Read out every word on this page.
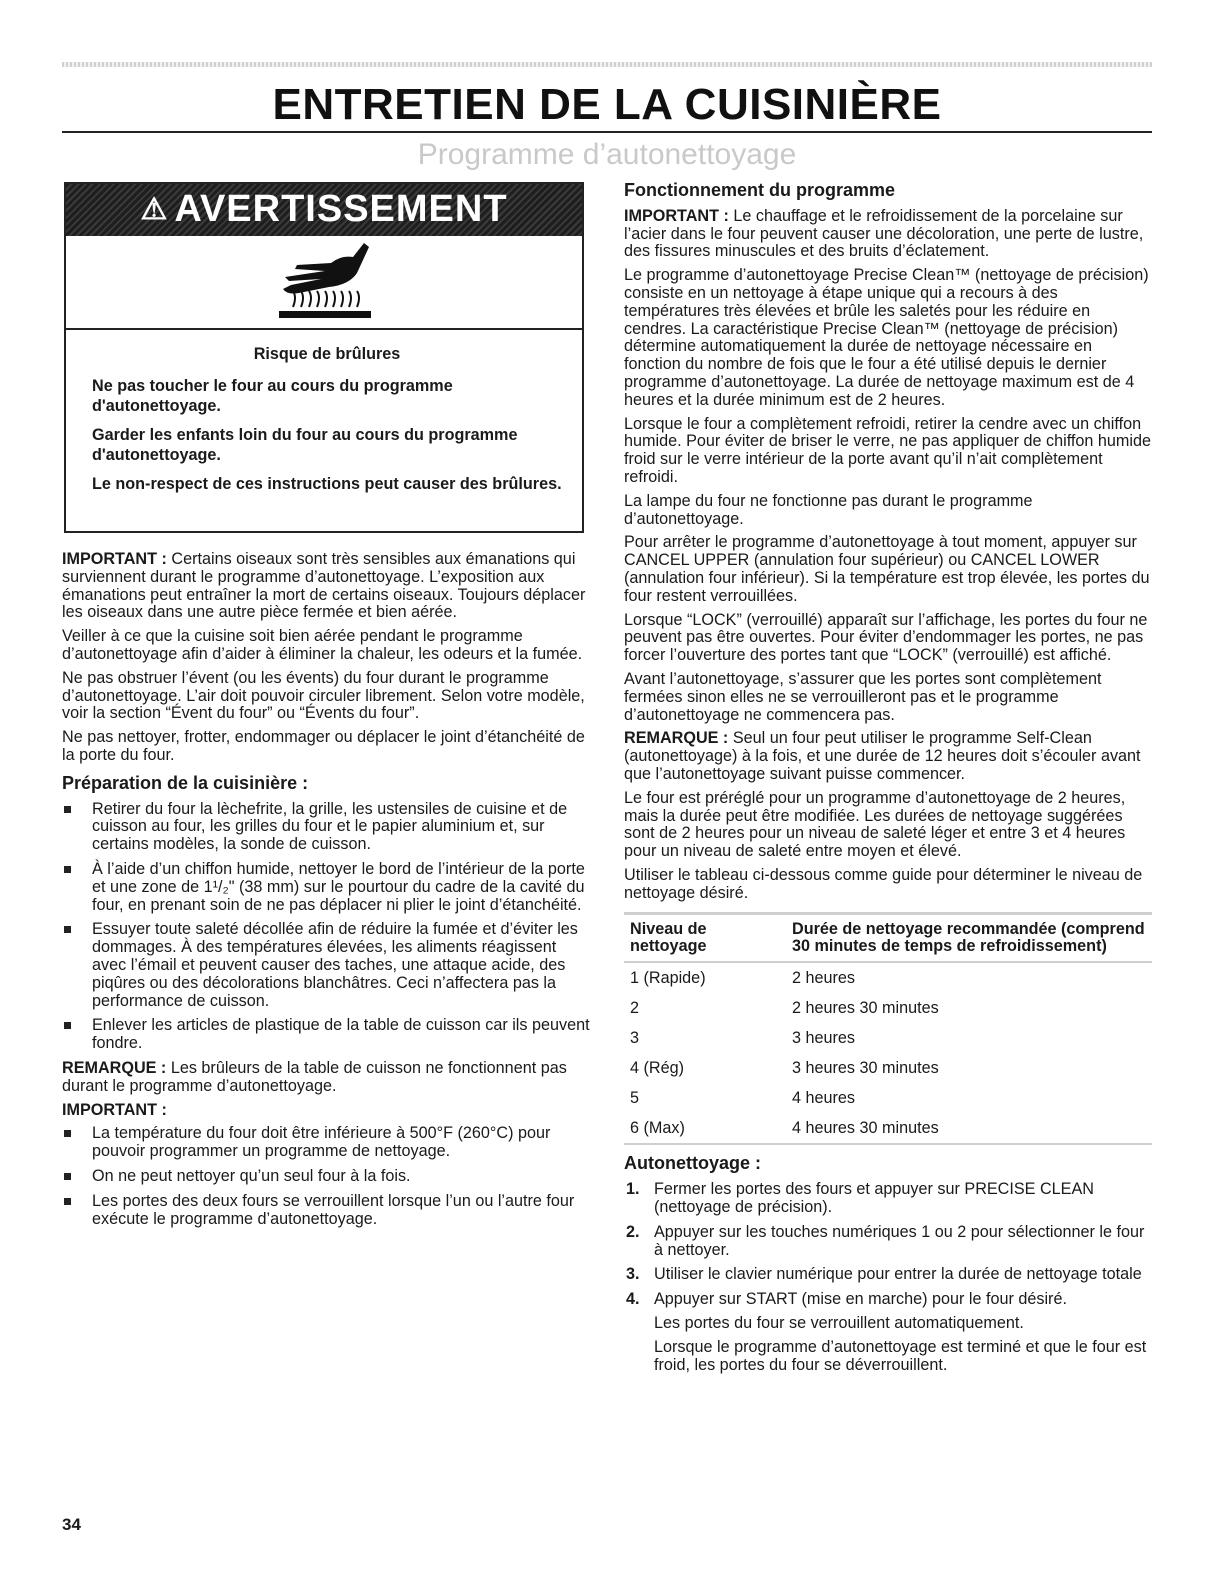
ENTRETIEN DE LA CUISINIÈRE
Programme d’autonettoyage
⚠ AVERTISSEMENT
Risque de brûlures

Ne pas toucher le four au cours du programme d'autonettoyage.

Garder les enfants loin du four au cours du programme d'autonettoyage.

Le non-respect de ces instructions peut causer des brûlures.

IMPORTANT : Certains oiseaux sont très sensibles aux émanations qui surviennent durant le programme d’autonettoyage. L’exposition aux émanations peut entraîner la mort de certains oiseaux. Toujours déplacer les oiseaux dans une autre pièce fermée et bien aérée.

Veiller à ce que la cuisine soit bien aérée pendant le programme d’autonettoyage afin d’aider à éliminer la chaleur, les odeurs et la fumée.

Ne pas obstruer l’évent (ou les évents) du four durant le programme d’autonettoyage. L’air doit pouvoir circuler librement. Selon votre modèle, voir la section “Évent du four” ou “Évents du four”.

Ne pas nettoyer, frotter, endommager ou déplacer le joint d’étanchéité de la porte du four.

Préparation de la cuisinière :
Retirer du four la lèchefrite, la grille, les ustensiles de cuisine et de cuisson au four, les grilles du four et le papier aluminium et, sur certains modèles, la sonde de cuisson.
À l’aide d’un chiffon humide, nettoyer le bord de l’intérieur de la porte et une zone de 1¹/₂" (38 mm) sur le pourtour du cadre de la cavité du four, en prenant soin de ne pas déplacer ni plier le joint d’étanchéité.
Essuyer toute saleté décollée afin de réduire la fumée et d’éviter les dommages. À des températures élevées, les aliments réagissent avec l’émail et peuvent causer des taches, une attaque acide, des piqûres ou des décolorations blanchâtres. Ceci n’affectera pas la performance de cuisson.
Enlever les articles de plastique de la table de cuisson car ils peuvent fondre.

REMARQUE : Les brûleurs de la table de cuisson ne fonctionnent pas durant le programme d’autonettoyage.

IMPORTANT :

La température du four doit être inférieure à 500°F (260°C) pour pouvoir programmer un programme de nettoyage.
On ne peut nettoyer qu’un seul four à la fois.
Les portes des deux fours se verrouillent lorsque l’un ou l’autre four exécute le programme d’autonettoyage.
Fonctionnement du programme

IMPORTANT : Le chauffage et le refroidissement de la porcelaine sur l’acier dans le four peuvent causer une décoloration, une perte de lustre, des fissures minuscules et des bruits d’éclatement.

Le programme d’autonettoyage Precise Clean™ (nettoyage de précision) consiste en un nettoyage à étape unique qui a recours à des températures très élevées et brûle les saletés pour les réduire en cendres. La caractéristique Precise Clean™ (nettoyage de précision) détermine automatiquement la durée de nettoyage nécessaire en fonction du nombre de fois que le four a été utilisé depuis le dernier programme d’autonettoyage. La durée de nettoyage maximum est de 4 heures et la durée minimum est de 2 heures.

Lorsque le four a complètement refroidi, retirer la cendre avec un chiffon humide. Pour éviter de briser le verre, ne pas appliquer de chiffon humide froid sur le verre intérieur de la porte avant qu’il n’ait complètement refroidi.

La lampe du four ne fonctionne pas durant le programme d’autonettoyage.

Pour arrêter le programme d’autonettoyage à tout moment, appuyer sur CANCEL UPPER (annulation four supérieur) ou CANCEL LOWER (annulation four inférieur). Si la température est trop élevée, les portes du four restent verrouillées.

Lorsque “LOCK” (verrouillé) apparaît sur l’affichage, les portes du four ne peuvent pas être ouvertes. Pour éviter d’endommager les portes, ne pas forcer l’ouverture des portes tant que “LOCK” (verrouillé) est affiché.

Avant l’autonettoyage, s’assurer que les portes sont complètement fermées sinon elles ne se verrouilleront pas et le programme d’autonettoyage ne commencera pas.

REMARQUE : Seul un four peut utiliser le programme Self-Clean (autonettoyage) à la fois, et une durée de 12 heures doit s’écouler avant que l’autonettoyage suivant puisse commencer.

Le four est préréglé pour un programme d’autonettoyage de 2 heures, mais la durée peut être modifiée. Les durées de nettoyage suggérées sont de 2 heures pour un niveau de saleté léger et entre 3 et 4 heures pour un niveau de saleté entre moyen et élevé.

Utiliser le tableau ci-dessous comme guide pour déterminer le niveau de nettoyage désiré.

Niveau de nettoyage	Durée de nettoyage recommandée (comprend 30 minutes de temps de refroidissement)
1 (Rapide)	2 heures
2	2 heures 30 minutes
3	3 heures
4 (Rég)	3 heures 30 minutes
5	4 heures
6 (Max)	4 heures 30 minutes
Autonettoyage :
1. Fermer les portes des fours et appuyer sur PRECISE CLEAN (nettoyage de précision).
2. Appuyer sur les touches numériques 1 ou 2 pour sélectionner le four à nettoyer.
3. Utiliser le clavier numérique pour entrer la durée de nettoyage totale
4. Appuyer sur START (mise en marche) pour le four désiré.

Les portes du four se verrouillent automatiquement.

Lorsque le programme d’autonettoyage est terminé et que le four est froid, les portes du four se déverrouillent.

34
